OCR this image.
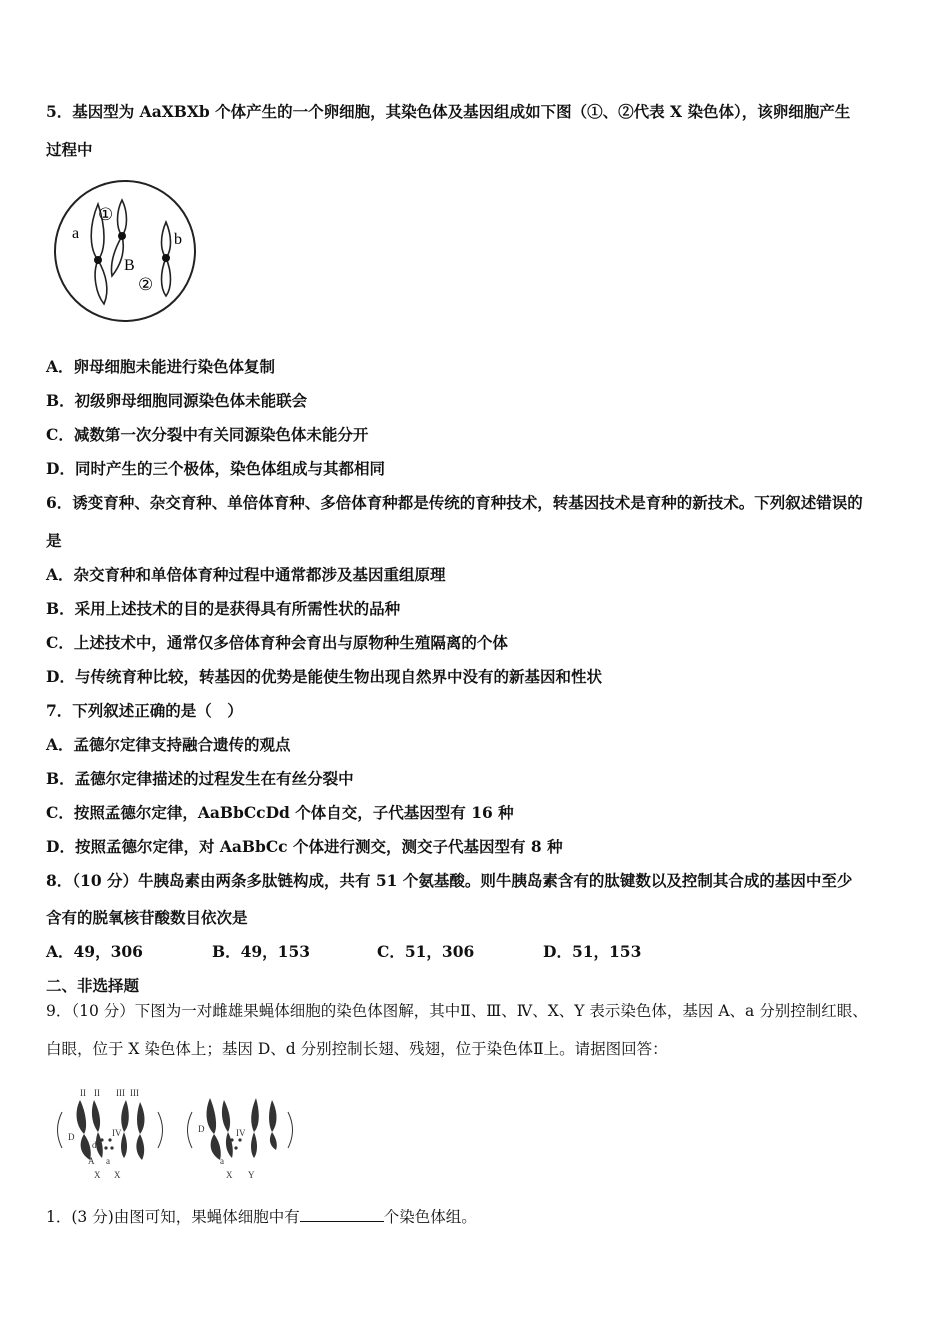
5．基因型为 AaXBXb 个体产生的一个卵细胞，其染色体及基因组成如下图（①、②代表 X 染色体），该卵细胞产生
过程中
a
①
B
②
b
A．卵母细胞未能进行染色体复制
B．初级卵母细胞同源染色体未能联会
C．减数第一次分裂中有关同源染色体未能分开
D．同时产生的三个极体，染色体组成与其都相同
6．诱变育种、杂交育种、单倍体育种、多倍体育种都是传统的育种技术，转基因技术是育种的新技术。下列叙述错误的
是
A．杂交育种和单倍体育种过程中通常都涉及基因重组原理
B．采用上述技术的目的是获得具有所需性状的品种
C．上述技术中，通常仅多倍体育种会育出与原物种生殖隔离的个体
D．与传统育种比较，转基因的优势是能使生物出现自然界中没有的新基因和性状
7．下列叙述正确的是（　）
A．孟德尔定律支持融合遗传的观点
B．孟德尔定律描述的过程发生在有丝分裂中
C．按照孟德尔定律，AaBbCcDd 个体自交，子代基因型有 16 种
D．按照孟德尔定律，对 AaBbCc 个体进行测交，测交子代基因型有 8 种
8．（10 分）牛胰岛素由两条多肽链构成，共有 51 个氨基酸。则牛胰岛素含有的肽键数以及控制其合成的基因中至少
含有的脱氧核苷酸数目依次是
A．49，306	B．49，153	C．51，306	D．51，153
二、非选择题
9．（10 分）下图为一对雌雄果蝇体细胞的染色体图解，其中Ⅱ、Ⅲ、Ⅳ、X、Y 表示染色体，基因 A、a 分别控制红眼、
白眼，位于 X 染色体上；基因 D、d 分别控制长翅、残翅，位于染色体Ⅱ上。请据图回答：
II II III III
IV
D
d
A a
X X
IV
D
a
X Y
1．(3 分)由图可知，果蝇体细胞中有	个染色体组。
